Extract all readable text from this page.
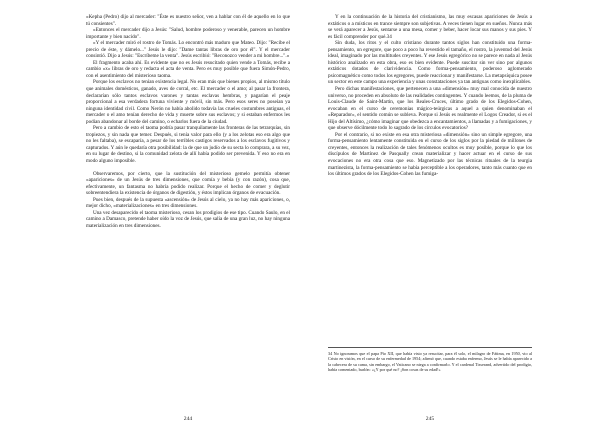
«Kepha (Pedro) dijo al mercader: "Éste es nuestro señor, ven a hablar con él de aquello en lo que tú consientes".

»Entonces el mercader dijo a Jesús: "Salud, hombre poderoso y venerable, parecen un hombre importante y bien nacido".

»Y el mercader miró el rostro de Tomás. Lo encontró más maduro que Mateo. Dijo: "Recibe el precio de éste, y dámelo..." Jesús le dijo: "Dame tantas libras de oro por él". Y el mercader consintió. Dijo a Jesús: "Escríbeme la venta". Jesús escribió: "Reconozco vender a mi hombre...".»

El fragmento acaba ahí. Es evidente que no es Jesús resucitado quien vende a Tomás, recibe a cambio «x» libras de oro y redacta el acta de venta. Pero es muy posible que fuera Simón-Pedro, con el asentimiento del misterioso taoma.

Porque los esclavos no tenían existencia legal. No eran más que bienes propios, al mismo título que animales domésticos, ganado, aves de corral, etc. El mercader o el amo; al pasar la frontera, declararían sólo tantos esclavos varones y tantas esclavas hembras, y pagarían el peaje proporcional a esa verdadera fortuna viviente y móvil, sin más. Pero esos seres no poseían ya ninguna identidad civil. Como Nerón no había abolido todavía las crueles costumbres antiguas, el mercader o el amo tenían derecho de vida y muerte sobre sus esclavos; y si estaban enfermos les podían abandonar al borde del camino, o echarlos fuera de la ciudad.

Pero a cambio de esto el taoma podría pasar tranquilamente las fronteras de las tetrarquías, sin tropiezos, y sin nada que temer. Después, si tenía valor para ello (y a los zelotas eso era algo que no les faltaba), se escaparía, a pesar de los terribles castigos reservados a los esclavos fugitivos y capturados. Y aún le quedaría otra posibilidad: la de que un judío de su secta lo comprara, a su vez, en su lugar de destino, si la comunidad zelota de allí había podido ser prevenida. Y eso no era en modo alguno imposible.

Observaremos, por cierto, que la sustitución del misterioso gemelo permitía obtener «apariciones» de un Jesús de tres dimensiones, que comía y bebía (y con razón), cosa que, efectivamente, un fantasma no habría podido realizar. Porque el hecho de comer y deglutir sobreentendiera la existencia de órganos de digestión, y éstos implican órganos de evacuación.

Pues bien, después de la supuesta «ascensión» de Jesús al cielo, ya no hay más apariciones, o, mejor dicho, «materializaciones» en tres dimensiones.

Una vez desaparecido el taoma misterioso, cesan los prodigios de ese tipo. Cuando Saulo, en el camino a Damasco, pretende haber oído la voz de Jesús, que salía de una gran luz, no hay ninguna materialización en tres dimensiones.

244

Y en la continuación de la historia del cristianismo, las muy escasas apariciones de Jesús a extáticos o a místicos en trance siempre son subjetivas. A veces tienen lugar en sueños. Nunca más se verá aparecer a Jesús, sentarse a una mesa, comer y beber, hacer locar sus manos y sus pies. Y es fácil comprender por qué.34

Sin duda, los ritos y el culto cristiano durante tantos siglos han constituido una forma-pensamiento, un egregore, que poco a poco ha revestido el tamaño, el rostro, la juventud del Jesús ideal, imaginado por las multitudes creyentes. Y ese Jesús egregórico no se parece en nada al Jesús histórico analizado en esta obra, eso es bien evidente. Puede suscitar sin ver sino por algunos extáticos dotados de clarividencia. Como forma-pensamiento, poderoso aglomerado psicomagnético como todos los egregores, puede reaccionar y manifestarse. La metapsíquica posee un sector en este campo una experiencia y unas constataciones ya tan antiguas como inexplicables.

Pero dichas manifestaciones, que pertenecen a una «dimensión» muy mal conocida de nuestro universo, no proceden en absoluto de las realidades contingentes. Y cuando leemos, de la pluma de Louis-Claude de Saint-Martin, que los Reales-Cruces, último grado de los Elegidos-Cohen, evocaban en el curso de ceremonias mágico-teúrgicas a aquel a quien denominaban el «Reparador», el sentido común se subleva. Porque si Jesús es realmente el Logos Creador, si es el Hijo del Altísimo, ¿cómo imaginar que obedezca a encantamientos, a llamadas y a fumigaciones, y que observe dócilmente todo lo sagrado de los círculos evocatorios?

Por el contrario, si no existe en esa otra misteriosa «dimensión» sino un simple egregore, una forma-pensamiento lentamente constituida en el curso de los siglos por la piedad de millones de creyentes, entonces la realización de tales fenómenos ocultos es muy posible, porque lo que los discípulos de Martínez de Pasqually crean materializar y hacer actuar en el curso de sus evocaciones no era otra cosa que eso. Magnetizado por las técnicas rituales de la teurgia martinezista, la forma-pensamiento se había perceptible a los operadores, tanto más cuanto que en los últimos grados de los Elegidos-Cohen las fumiga-

34 No ignoramos que el papa Pío XII, que había visto ya resucitar, para él solo, el milagro de Fátima, en 1950, vio al Cristo en visión, en el curso de su enfermedad de 1954; afirmó que, cuando estaba enfermo, Jesús se le había aparecido a la cabecera de su cama, sin embargo, el Vaticano se niega a confirmarlo. Y el cardenal Tisserand, advertido del prodigio, había comentado, burlón: «¿Y por qué no? ¡Son cosas de su edad!»

245
